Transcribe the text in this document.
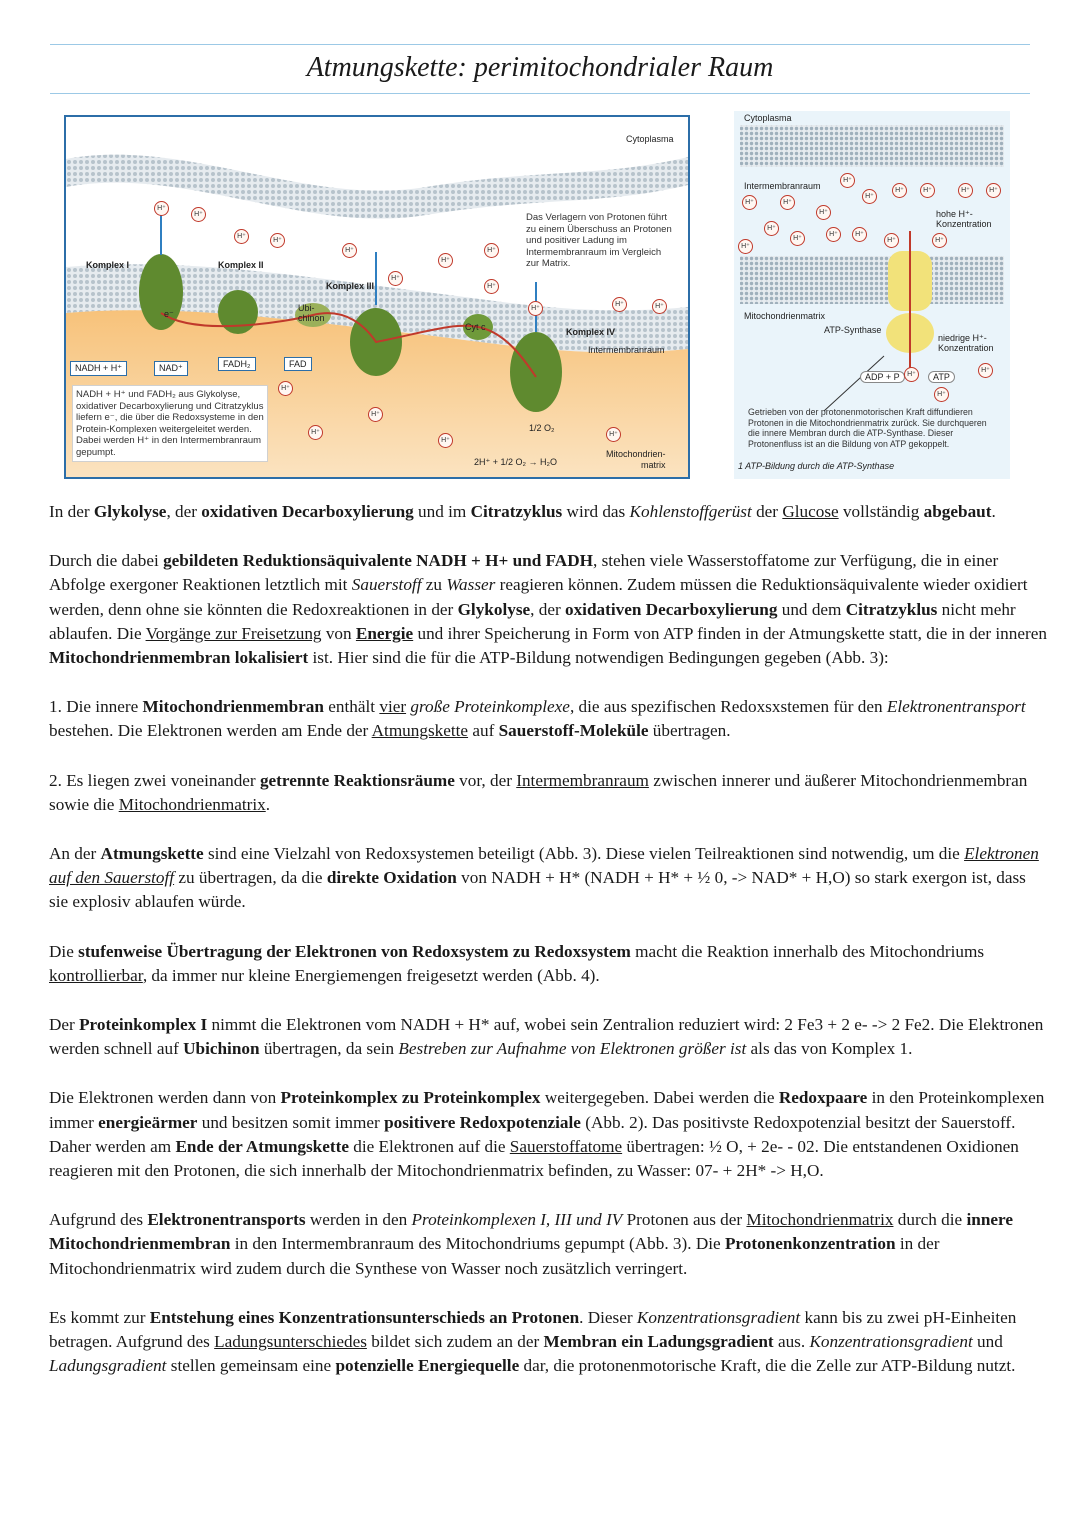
Atmungskette: perimitochondrialer Raum
Cytoplasma
Komplex I	Komplex II
Komplex III
Komplex IV
Ubi-
chinon
Cyt c
Intermembranraum
e⁻
NADH + H⁺	NAD⁺	FADH₂	FAD
1/2 O₂
2H⁺ + 1/2 O₂ → H₂O
Mitochondrien-
matrix
Das Verlagern von Protonen führt zu einem Überschuss an Protonen und positiver Ladung im Intermembranraum im Vergleich zur Matrix.
NADH + H⁺ und FADH₂ aus Glykolyse, oxidativer Decarboxylierung und Citratzyklus liefern e⁻, die über die Redoxsysteme in den Protein-Komplexen weitergeleitet werden. Dabei werden H⁺ in den Intermembranraum gepumpt.
H⁺
H⁺
H⁺
H⁺
H⁺
H⁺
H⁺
H⁺
H⁺
H⁺
H⁺	H⁺
H⁺
H⁺
H⁺
H⁺
H⁺
Cytoplasma
Intermembranraum
Mitochondrienmatrix
ATP-Synthase
hohe H⁺-
Konzentration
niedrige H⁺-
Konzentration
ADP + P	ATP
Getrieben von der protonenmotorischen Kraft diffundieren Protonen in die Mitochondrienmatrix zurück. Sie durchqueren die innere Membran durch die ATP-Synthase. Dieser Protonenfluss ist an die Bildung von ATP gekoppelt.
1 ATP-Bildung durch die ATP-Synthase
H⁺
H⁺
H⁺
H⁺
H⁺
H⁺	H⁺	H⁺	H⁺
H⁺
H⁺
H⁺	H⁺
H⁺
H⁺
H⁺
H⁺
H⁺
H⁺

In der Glykolyse, der oxidativen Decarboxylierung und im Citratzyklus wird das Kohlenstoffgerüst der Glucose vollständig abgebaut.

Durch die dabei gebildeten Reduktionsäquivalente NADH + H+ und FADH, stehen viele Wasserstoffatome zur Verfügung, die in einer Abfolge exergoner Reaktionen letztlich mit Sauerstoff zu Wasser reagieren können. Zudem müssen die Reduktionsäquivalente wieder oxidiert werden, denn ohne sie könnten die Redoxreaktionen in der Glykolyse, der oxidativen Decarboxylierung und dem Citratzyklus nicht mehr ablaufen. Die Vorgänge zur Freisetzung von Energie und ihrer Speicherung in Form von ATP finden in der Atmungskette statt, die in der inneren Mitochondrienmembran lokalisiert ist. Hier sind die für die ATP-Bildung notwendigen Bedingungen gegeben (Abb. 3):

1. Die innere Mitochondrienmembran enthält vier große Proteinkomplexe, die aus spezifischen Redoxsxstemen für den Elektronentransport bestehen. Die Elektronen werden am Ende der Atmungskette auf Sauerstoff-Moleküle übertragen.

2. Es liegen zwei voneinander getrennte Reaktionsräume vor, der Intermembranraum zwischen innerer und äußerer Mitochondrienmembran sowie die Mitochondrienmatrix.

An der Atmungskette sind eine Vielzahl von Redoxsystemen beteiligt (Abb. 3). Diese vielen Teilreaktionen sind notwendig, um die Elektronen auf den Sauerstoff zu übertragen, da die direkte Oxidation von NADH + H* (NADH + H* + ½ 0, -> NAD* + H,O) so stark exergon ist, dass sie explosiv ablaufen würde.

Die stufenweise Übertragung der Elektronen von Redoxsystem zu Redoxsystem macht die Reaktion innerhalb des Mitochondriums kontrollierbar, da immer nur kleine Energiemengen freigesetzt werden (Abb. 4).

Der Proteinkomplex I nimmt die Elektronen vom NADH + H* auf, wobei sein Zentralion reduziert wird: 2 Fe3 + 2 e- -> 2 Fe2. Die Elektronen werden schnell auf Ubichinon übertragen, da sein Bestreben zur Aufnahme von Elektronen größer ist als das von Komplex 1.

Die Elektronen werden dann von Proteinkomplex zu Proteinkomplex weitergegeben. Dabei werden die Redoxpaare in den Proteinkomplexen immer energieärmer und besitzen somit immer positivere Redoxpotenziale (Abb. 2). Das positivste Redoxpotenzial besitzt der Sauerstoff. Daher werden am Ende der Atmungskette die Elektronen auf die Sauerstoffatome übertragen: ½ O, + 2e- - 02. Die entstandenen Oxidionen reagieren mit den Protonen, die sich innerhalb der Mitochondrienmatrix befinden, zu Wasser: 07- + 2H* -> H,O.

Aufgrund des Elektronentransports werden in den Proteinkomplexen I, III und IV Protonen aus der Mitochondrienmatrix durch die innere Mitochondrienmembran in den Intermembranraum des Mitochondriums gepumpt (Abb. 3). Die Protonenkonzentration in der Mitochondrienmatrix wird zudem durch die Synthese von Wasser noch zusätzlich verringert.

Es kommt zur Entstehung eines Konzentrationsunterschieds an Protonen. Dieser Konzentrationsgradient kann bis zu zwei pH-Einheiten betragen. Aufgrund des Ladungsunterschiedes bildet sich zudem an der Membran ein Ladungsgradient aus. Konzentrationsgradient und Ladungsgradient stellen gemeinsam eine potenzielle Energiequelle dar, die protonenmotorische Kraft, die die Zelle zur ATP-Bildung nutzt.
